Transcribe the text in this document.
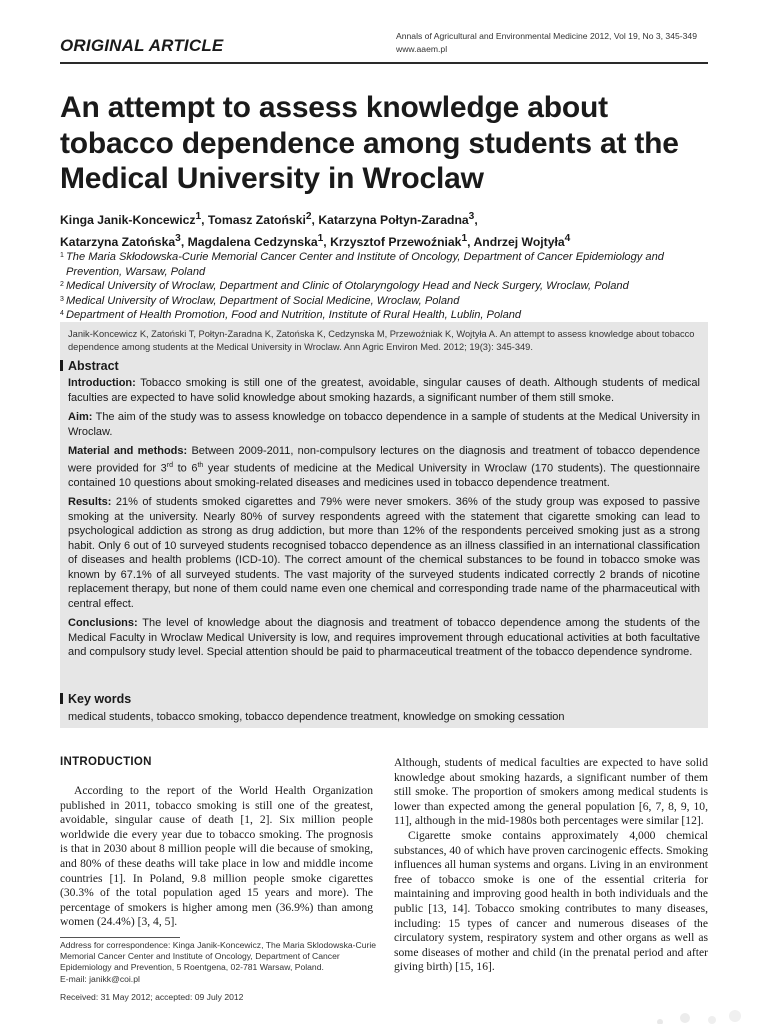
ORIGINAL ARTICLE	Annals of Agricultural and Environmental Medicine 2012, Vol 19, No 3, 345-349
www.aaem.pl
An attempt to assess knowledge about tobacco dependence among students at the Medical University in Wroclaw
Kinga Janik-Koncewicz$^1$, Tomasz Zatoński$^2$, Katarzyna Połtyn-Zaradna$^3$,
Katarzyna Zatońska$^3$, Magdalena Cedzynska$^1$, Krzysztof Przewoźniak$^1$, Andrzej Wojtyła$^4$
1 The Maria Skłodowska-Curie Memorial Cancer Center and Institute of Oncology, Department of Cancer Epidemiology and Prevention, Warsaw, Poland
2 Medical University of Wroclaw, Department and Clinic of Otolaryngology Head and Neck Surgery, Wroclaw, Poland
3 Medical University of Wroclaw, Department of Social Medicine, Wroclaw, Poland
4 Department of Health Promotion, Food and Nutrition, Institute of Rural Health, Lublin, Poland
Janik-Koncewicz K, Zatoński T, Połtyn-Zaradna K, Zatońska K, Cedzynska M, Przewoźniak K, Wojtyła A. An attempt to assess knowledge about tobacco dependence among students at the Medical University in Wroclaw. Ann Agric Environ Med. 2012; 19(3): 345-349.
Abstract

Introduction: Tobacco smoking is still one of the greatest, avoidable, singular causes of death. Although students of medical faculties are expected to have solid knowledge about smoking hazards, a significant number of them still smoke.

Aim: The aim of the study was to assess knowledge on tobacco dependence in a sample of students at the Medical University in Wroclaw.

Material and methods: Between 2009-2011, non-compulsory lectures on the diagnosis and treatment of tobacco dependence were provided for 3rd to 6th year students of medicine at the Medical University in Wroclaw (170 students). The questionnaire contained 10 questions about smoking-related diseases and medicines used in tobacco dependence treatment.

Results: 21% of students smoked cigarettes and 79% were never smokers. 36% of the study group was exposed to passive smoking at the university. Nearly 80% of survey respondents agreed with the statement that cigarette smoking can lead to psychological addiction as strong as drug addiction, but more than 12% of the respondents perceived smoking just as a strong habit. Only 6 out of 10 surveyed students recognised tobacco dependence as an illness classified in an international classification of diseases and health problems (ICD-10). The correct amount of the chemical substances to be found in tobacco smoke was known by 67.1% of all surveyed students. The vast majority of the surveyed students indicated correctly 2 brands of nicotine replacement therapy, but none of them could name even one chemical and corresponding trade name of the pharmaceutical with central effect.

Conclusions: The level of knowledge about the diagnosis and treatment of tobacco dependence among the students of the Medical Faculty in Wroclaw Medical University is low, and requires improvement through educational activities at both facultative and compulsory study level. Special attention should be paid to pharmaceutical treatment of the tobacco dependence syndrome.

Key words
medical students, tobacco smoking, tobacco dependence treatment, knowledge on smoking cessation
INTRODUCTION

According to the report of the World Health Organization published in 2011, tobacco smoking is still one of the greatest, avoidable, singular cause of death [1, 2]. Six million people worldwide die every year due to tobacco smoking. The prognosis is that in 2030 about 8 million people will die because of smoking, and 80% of these deaths will take place in low and middle income countries [1]. In Poland, 9.8 million people smoke cigarettes (30.3% of the total population aged 15 years and more). The percentage of smokers is higher among men (36.9%) than among women (24.4%) [3, 4, 5].

Although, students of medical faculties are expected to have solid knowledge about smoking hazards, a significant number of them still smoke. The proportion of smokers among medical students is lower than expected among the general population [6, 7, 8, 9, 10, 11], although in the mid-1980s both percentages were similar [12].

Cigarette smoke contains approximately 4,000 chemical substances, 40 of which have proven carcinogenic effects. Smoking influences all human systems and organs. Living in an environment free of tobacco smoke is one of the essential criteria for maintaining and improving good health in both individuals and the public [13, 14]. Tobacco smoking contributes to many diseases, including: 15 types of cancer and numerous diseases of the circulatory system, respiratory system and other organs as well as some diseases of mother and child (in the prenatal period and after giving birth) [15, 16].

Address for correspondence: Kinga Janik-Koncewicz, The Maria Sklodowska-Curie Memorial Cancer Center and Institute of Oncology, Department of Cancer Epidemiology and Prevention, 5 Roentgena, 02-781 Warsaw, Poland.
E-mail: janikk@coi.pl
Received: 31 May 2012; accepted: 09 July 2012
